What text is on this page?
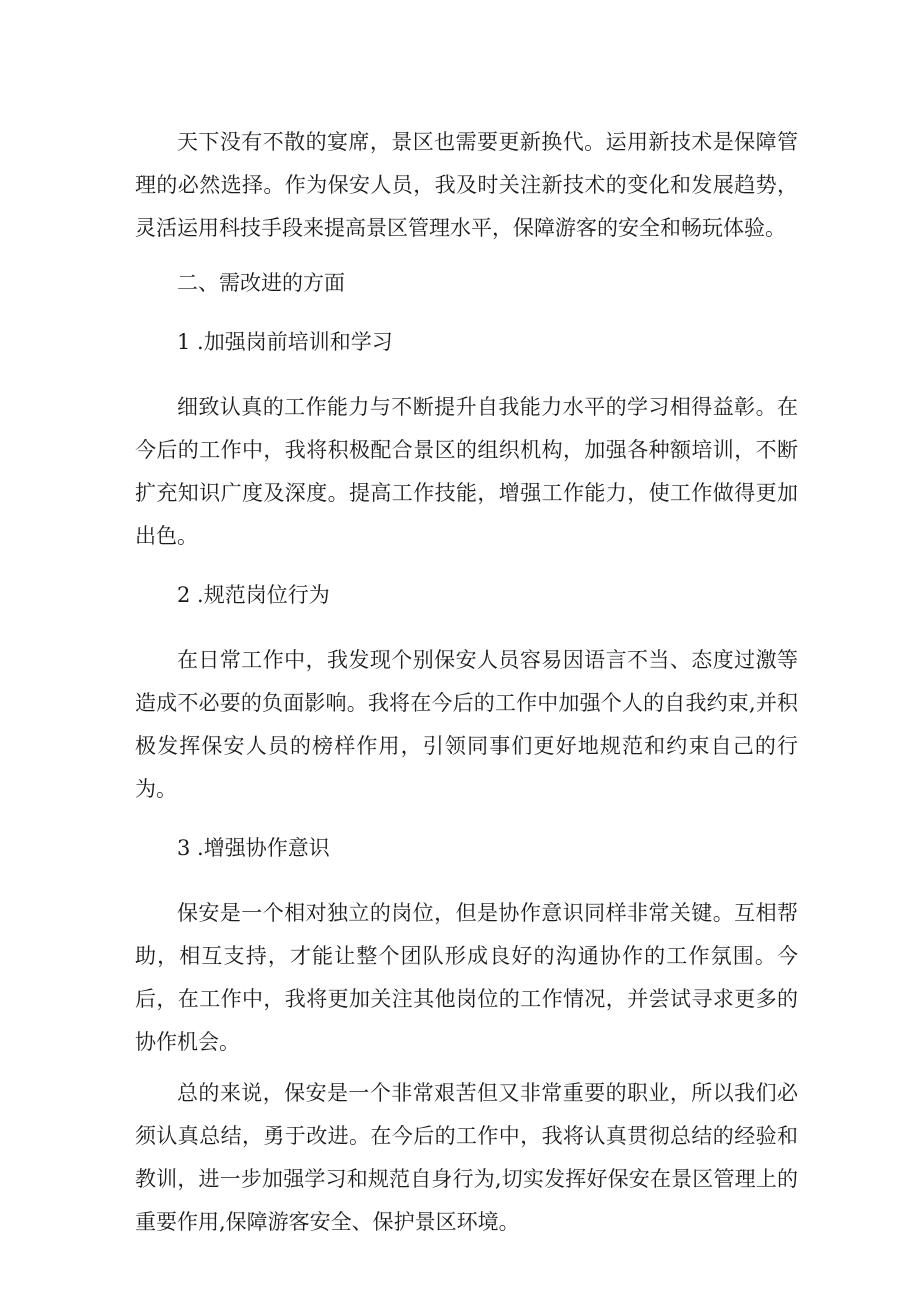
天下没有不散的宴席，景区也需要更新换代。运用新技术是保障管理的必然选择。作为保安人员，我及时关注新技术的变化和发展趋势，灵活运用科技手段来提高景区管理水平，保障游客的安全和畅玩体验。

二、需改进的方面

1 .加强岗前培训和学习

细致认真的工作能力与不断提升自我能力水平的学习相得益彰。在今后的工作中，我将积极配合景区的组织机构，加强各种额培训，不断扩充知识广度及深度。提高工作技能，增强工作能力，使工作做得更加出色。

2 .规范岗位行为

在日常工作中，我发现个别保安人员容易因语言不当、态度过激等造成不必要的负面影响。我将在今后的工作中加强个人的自我约束,并积极发挥保安人员的榜样作用，引领同事们更好地规范和约束自己的行为。

3 .增强协作意识

保安是一个相对独立的岗位，但是协作意识同样非常关键。互相帮助，相互支持，才能让整个团队形成良好的沟通协作的工作氛围。今后，在工作中，我将更加关注其他岗位的工作情况，并尝试寻求更多的协作机会。

总的来说，保安是一个非常艰苦但又非常重要的职业，所以我们必须认真总结，勇于改进。在今后的工作中，我将认真贯彻总结的经验和教训，进一步加强学习和规范自身行为,切实发挥好保安在景区管理上的重要作用,保障游客安全、保护景区环境。
